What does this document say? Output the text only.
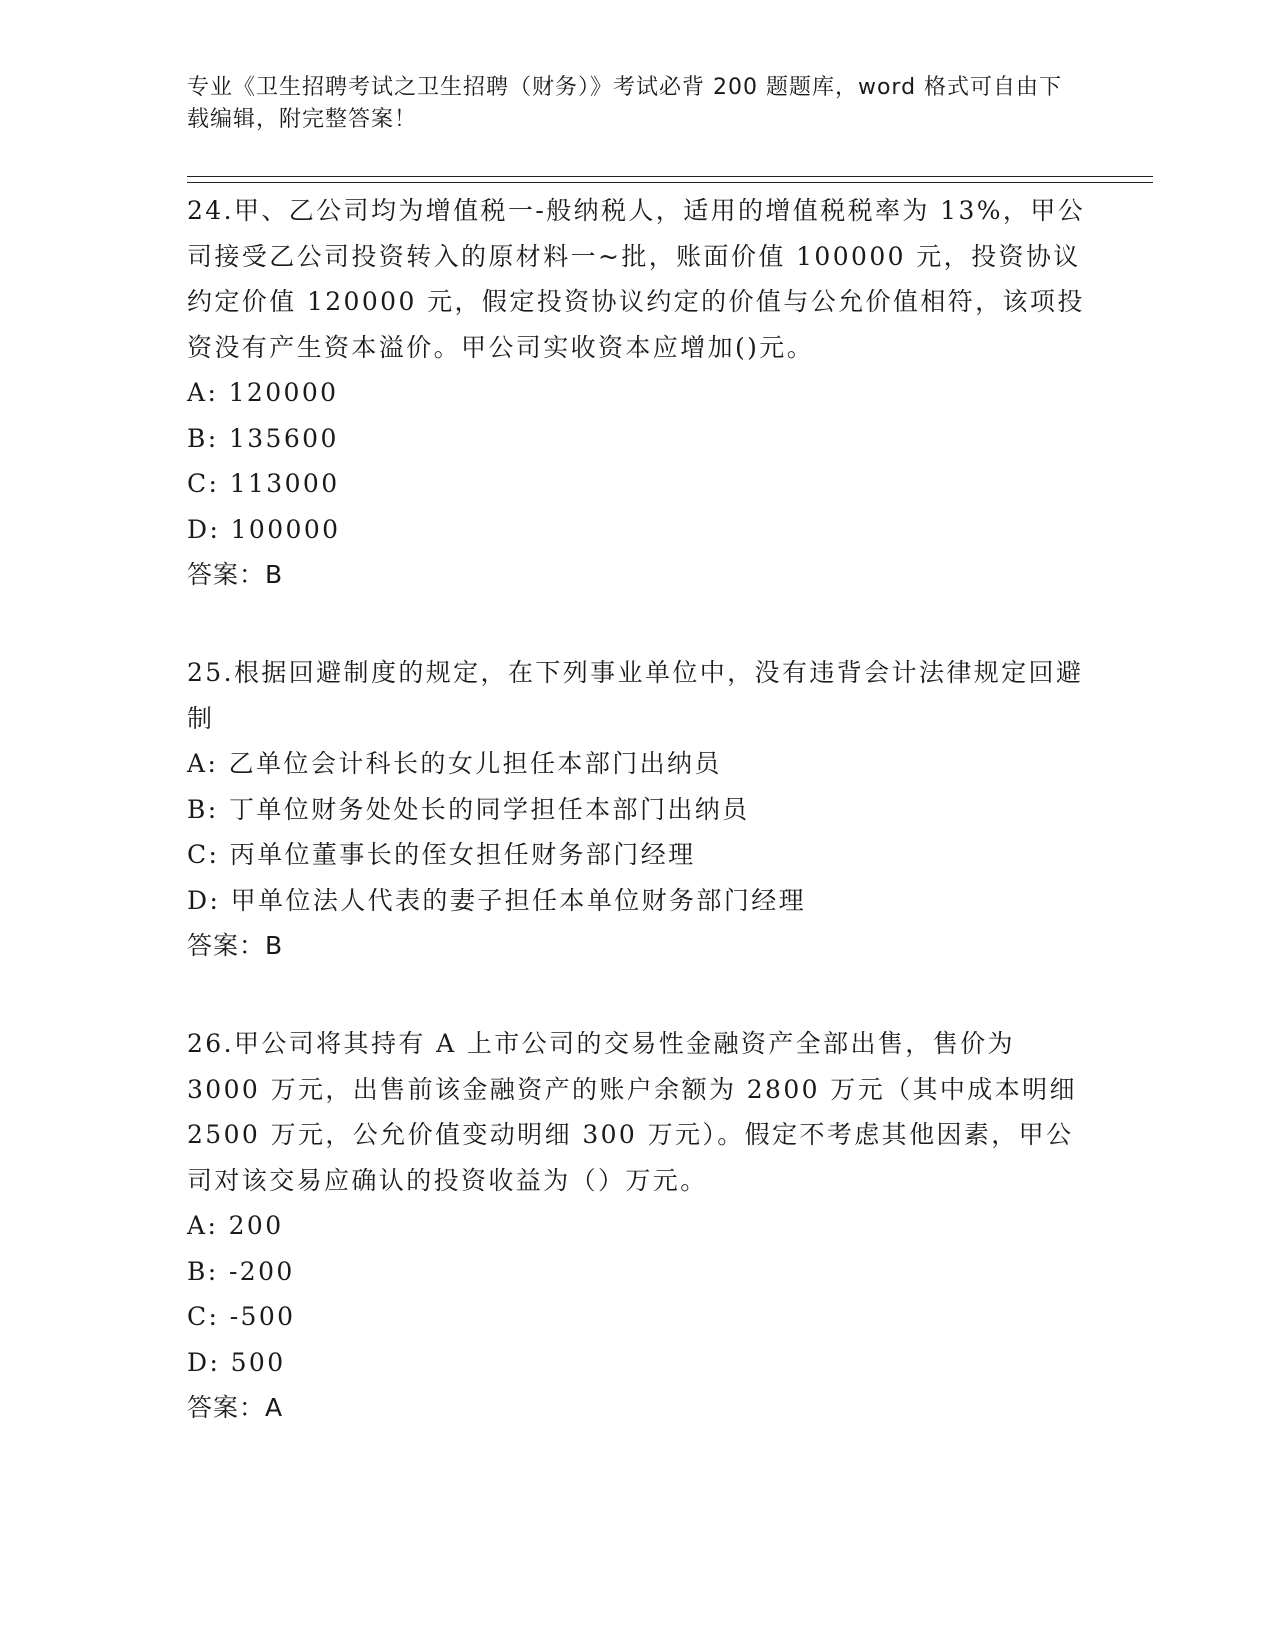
专业《卫生招聘考试之卫生招聘（财务）》考试必背 200 题题库，word 格式可自由下载编辑，附完整答案！
24.甲、乙公司均为增值税一-般纳税人，适用的增值税税率为 13%，甲公司接受乙公司投资转入的原材料一~批，账面价值 100000 元，投资协议约定价值 120000 元，假定投资协议约定的价值与公允价值相符，该项投资没有产生资本溢价。甲公司实收资本应增加()元。
A: 120000
B: 135600
C: 113000
D: 100000
答案：B
25.根据回避制度的规定，在下列事业单位中，没有违背会计法律规定回避制
A: 乙单位会计科长的女儿担任本部门出纳员
B: 丁单位财务处处长的同学担任本部门出纳员
C: 丙单位董事长的侄女担任财务部门经理
D: 甲单位法人代表的妻子担任本单位财务部门经理
答案：B
26.甲公司将其持有 A 上市公司的交易性金融资产全部出售，售价为 3000 万元，出售前该金融资产的账户余额为 2800 万元（其中成本明细 2500 万元，公允价值变动明细 300 万元）。假定不考虑其他因素，甲公司对该交易应确认的投资收益为（）万元。
A: 200
B: -200
C: -500
D: 500
答案：A
